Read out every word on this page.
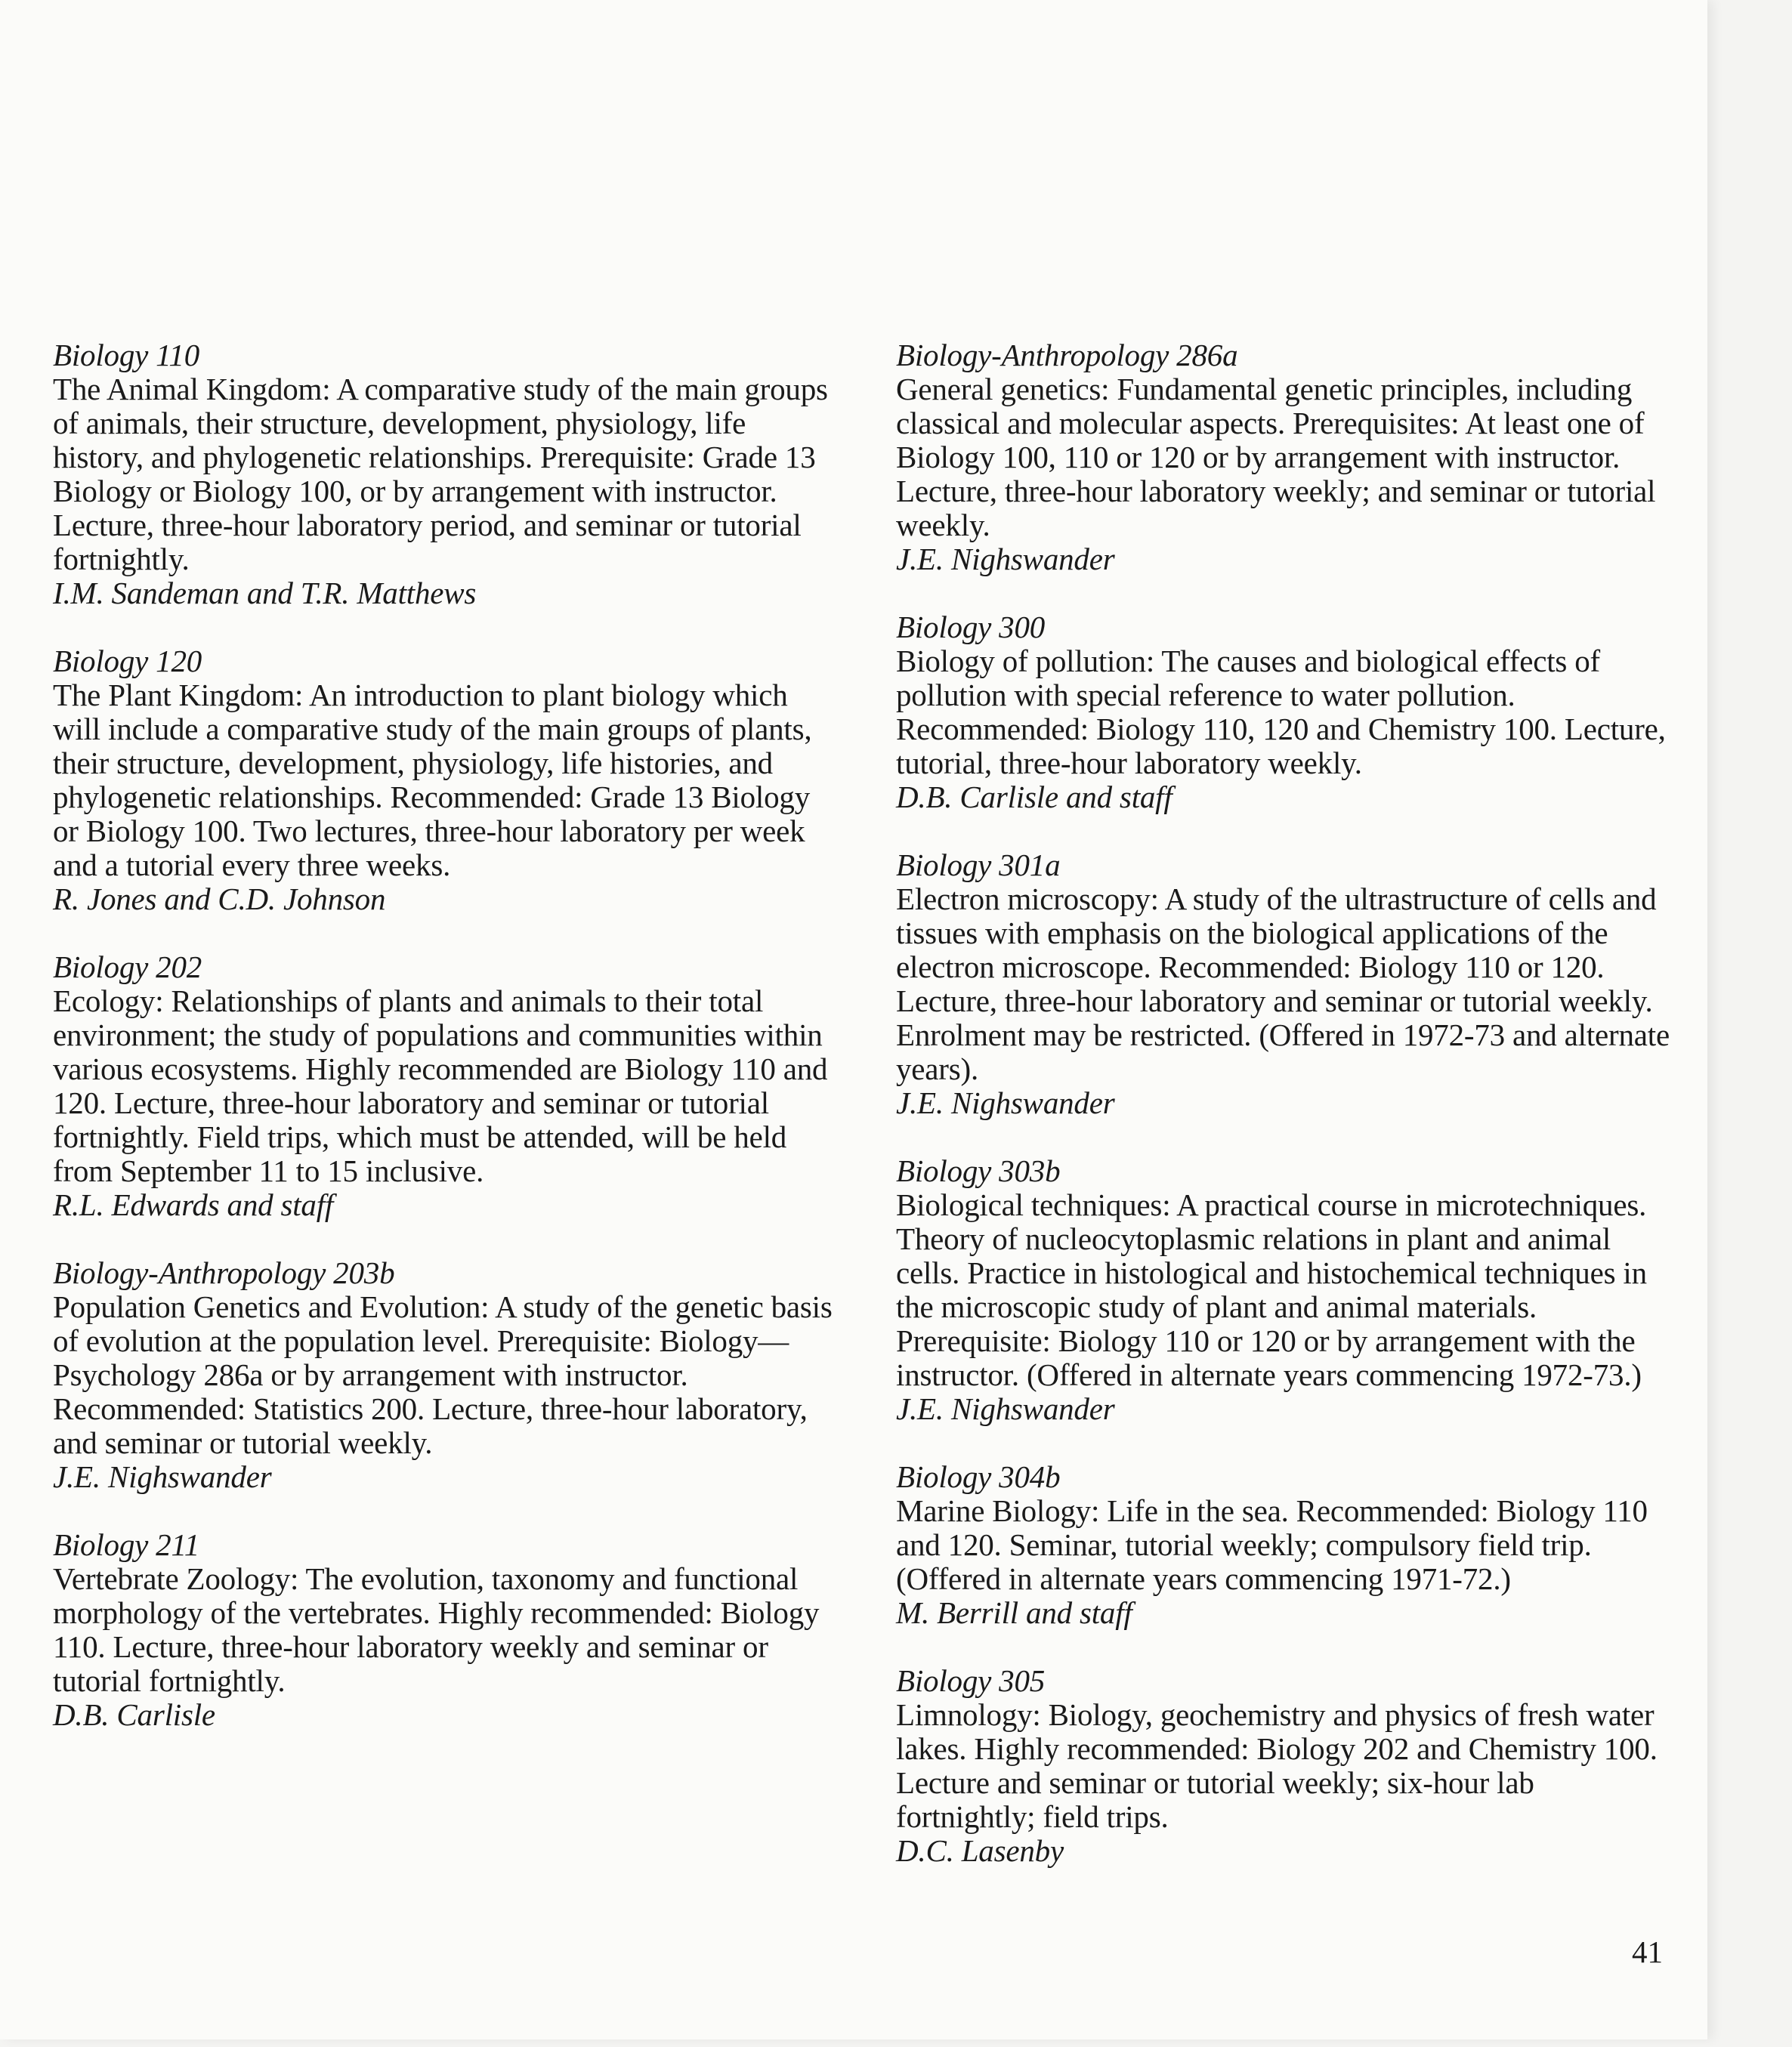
Biology 110
The Animal Kingdom: A comparative study of the main groups of animals, their structure, development, physiology, life history, and phylogenetic relationships. Prerequisite: Grade 13 Biology or Biology 100, or by arrangement with instructor. Lecture, three-hour laboratory period, and seminar or tutorial fortnightly.
I.M. Sandeman and T.R. Matthews
Biology 120
The Plant Kingdom: An introduction to plant biology which will include a comparative study of the main groups of plants, their structure, development, physiology, life histories, and phylogenetic relationships. Recommended: Grade 13 Biology or Biology 100. Two lectures, three-hour laboratory per week and a tutorial every three weeks.
R. Jones and C.D. Johnson
Biology 202
Ecology: Relationships of plants and animals to their total environment; the study of populations and communities within various ecosystems. Highly recommended are Biology 110 and 120. Lecture, three-hour laboratory and seminar or tutorial fortnightly. Field trips, which must be attended, will be held from September 11 to 15 inclusive.
R.L. Edwards and staff
Biology-Anthropology 203b
Population Genetics and Evolution: A study of the genetic basis of evolution at the population level. Prerequisite: Biology—Psychology 286a or by arrangement with instructor. Recommended: Statistics 200. Lecture, three-hour laboratory, and seminar or tutorial weekly.
J.E. Nighswander
Biology 211
Vertebrate Zoology: The evolution, taxonomy and functional morphology of the vertebrates. Highly recommended: Biology 110. Lecture, three-hour laboratory weekly and seminar or tutorial fortnightly.
D.B. Carlisle
Biology-Anthropology 286a
General genetics: Fundamental genetic principles, including classical and molecular aspects. Prerequisites: At least one of Biology 100, 110 or 120 or by arrangement with instructor. Lecture, three-hour laboratory weekly; and seminar or tutorial weekly.
J.E. Nighswander
Biology 300
Biology of pollution: The causes and biological effects of pollution with special reference to water pollution. Recommended: Biology 110, 120 and Chemistry 100. Lecture, tutorial, three-hour laboratory weekly.
D.B. Carlisle and staff
Biology 301a
Electron microscopy: A study of the ultrastructure of cells and tissues with emphasis on the biological applications of the electron microscope. Recommended: Biology 110 or 120. Lecture, three-hour laboratory and seminar or tutorial weekly. Enrolment may be restricted. (Offered in 1972-73 and alternate years).
J.E. Nighswander
Biology 303b
Biological techniques: A practical course in microtechniques. Theory of nucleocytoplasmic relations in plant and animal cells. Practice in histological and histochemical techniques in the microscopic study of plant and animal materials. Prerequisite: Biology 110 or 120 or by arrangement with the instructor. (Offered in alternate years commencing 1972-73.)
J.E. Nighswander
Biology 304b
Marine Biology: Life in the sea. Recommended: Biology 110 and 120. Seminar, tutorial weekly; compulsory field trip. (Offered in alternate years commencing 1971-72.)
M. Berrill and staff
Biology 305
Limnology: Biology, geochemistry and physics of fresh water lakes. Highly recommended: Biology 202 and Chemistry 100. Lecture and seminar or tutorial weekly; six-hour lab fortnightly; field trips.
D.C. Lasenby
41
